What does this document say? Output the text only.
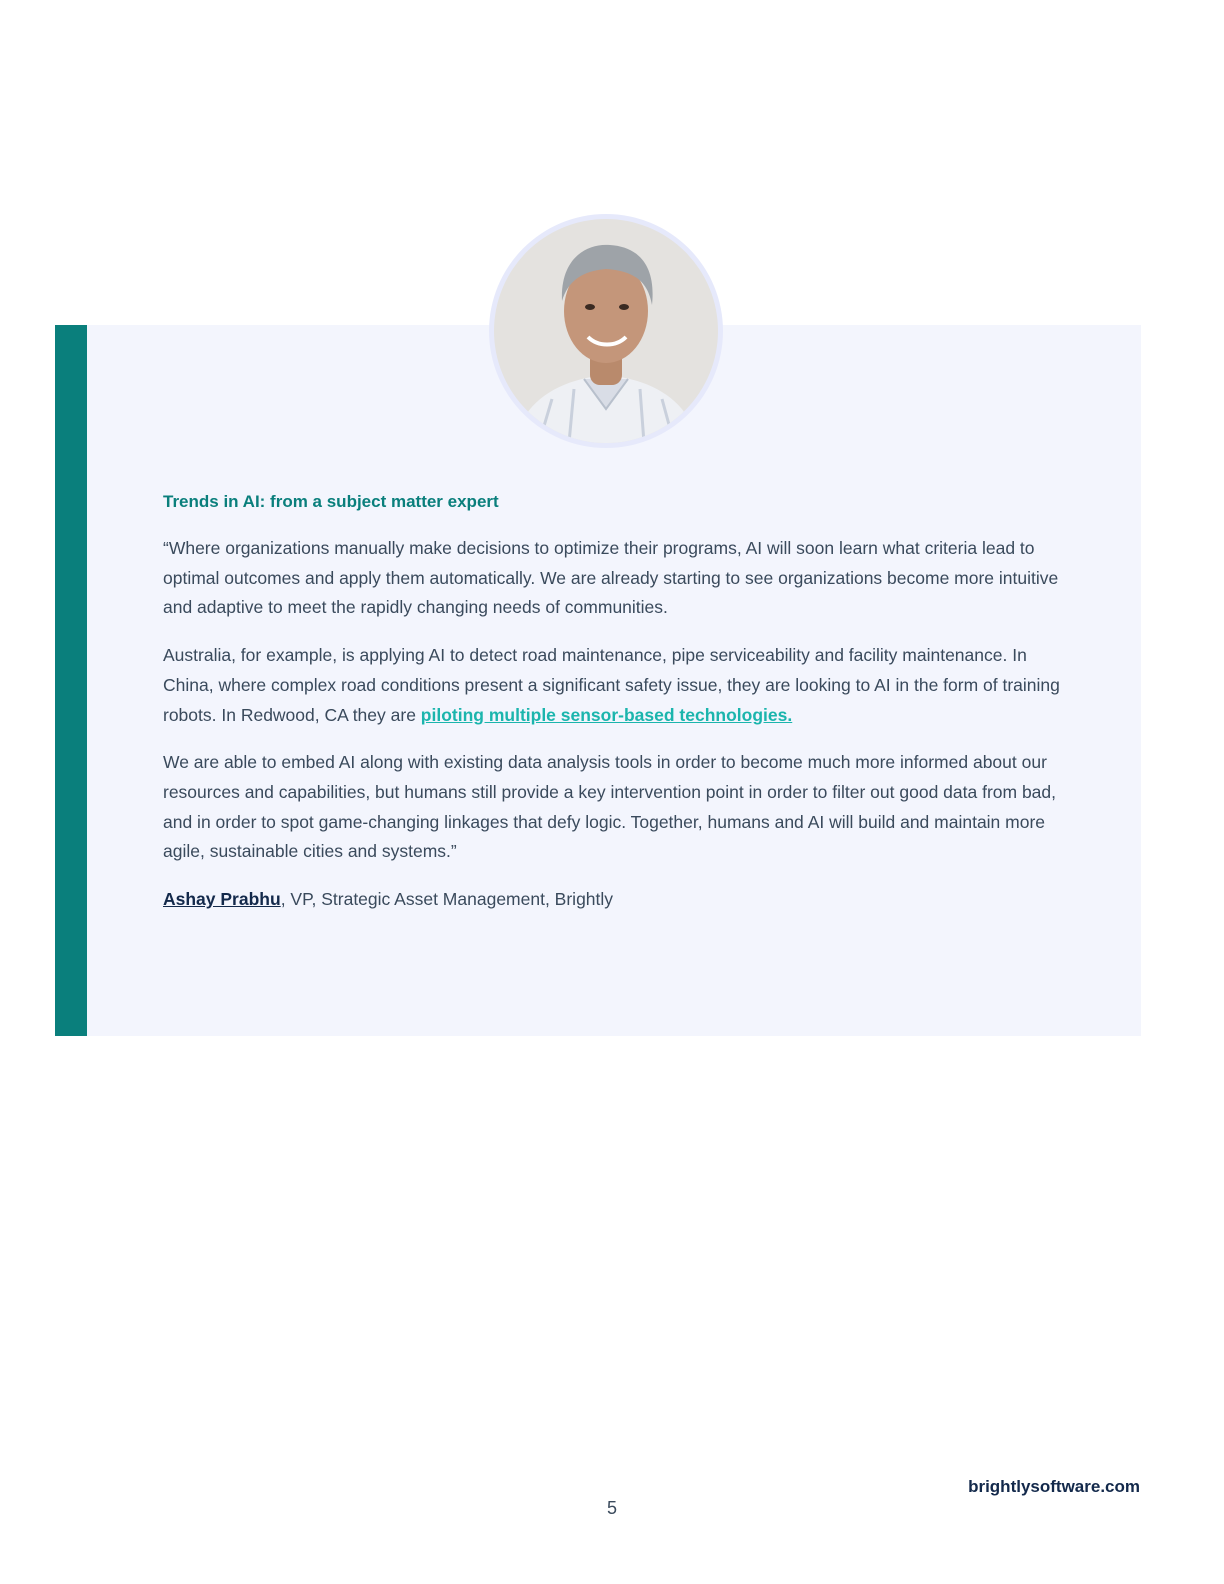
Trends in AI: from a subject matter expert

“Where organizations manually make decisions to optimize their programs, AI will soon learn what criteria lead to optimal outcomes and apply them automatically. We are already starting to see organizations become more intuitive and adaptive to meet the rapidly changing needs of communities.

Australia, for example, is applying AI to detect road maintenance, pipe serviceability and facility maintenance. In China, where complex road conditions present a significant safety issue, they are looking to AI in the form of training robots. In Redwood, CA they are piloting multiple sensor-based technologies.

We are able to embed AI along with existing data analysis tools in order to become much more informed about our resources and capabilities, but humans still provide a key intervention point in order to filter out good data from bad, and in order to spot game-changing linkages that defy logic. Together, humans and AI will build and maintain more agile, sustainable cities and systems.”

Ashay Prabhu, VP, Strategic Asset Management, Brightly

brightlysoftware.com
5
